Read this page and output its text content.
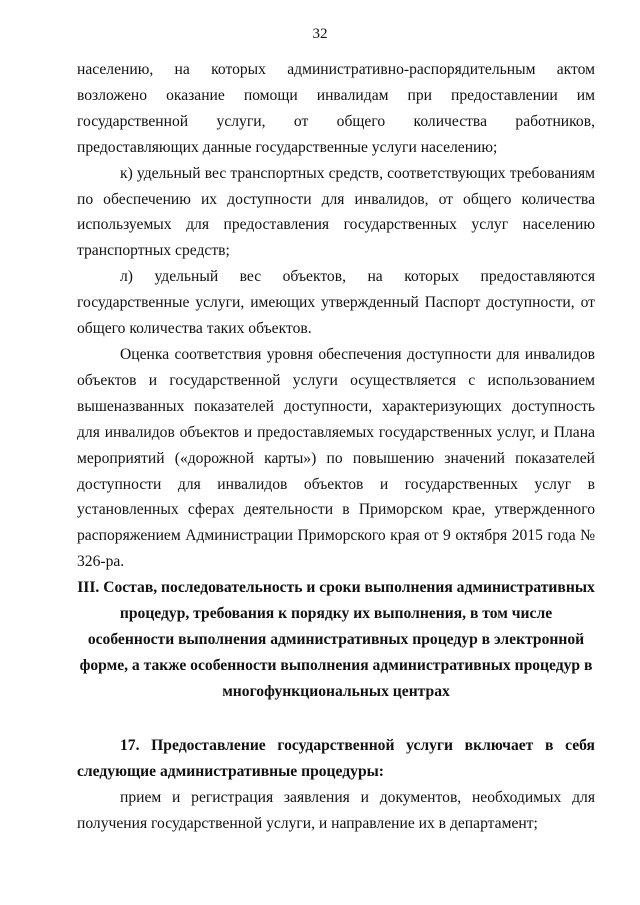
32

населению, на которых административно-распорядительным актом возложено оказание помощи инвалидам при предоставлении им государственной услуги, от общего количества работников, предоставляющих данные государственные услуги населению;

к) удельный вес транспортных средств, соответствующих требованиям по обеспечению их доступности для инвалидов, от общего количества используемых для предоставления государственных услуг населению транспортных средств;

л) удельный вес объектов, на которых предоставляются государственные услуги, имеющих утвержденный Паспорт доступности, от общего количества таких объектов.

Оценка соответствия уровня обеспечения доступности для инвалидов объектов и государственной услуги осуществляется с использованием вышеназванных показателей доступности, характеризующих доступность для инвалидов объектов и предоставляемых государственных услуг, и Плана мероприятий («дорожной карты») по повышению значений показателей доступности для инвалидов объектов и государственных услуг в установленных сферах деятельности в Приморском крае, утвержденного распоряжением Администрации Приморского края от 9 октября 2015 года № 326-ра.

III. Состав, последовательность и сроки выполнения административных процедур, требования к порядку их выполнения, в том числе особенности выполнения административных процедур в электронной форме, а также особенности выполнения административных процедур в многофункциональных центрах

17. Предоставление государственной услуги включает в себя следующие административные процедуры:

прием и регистрация заявления и документов, необходимых для получения государственной услуги, и направление их в департамент;
